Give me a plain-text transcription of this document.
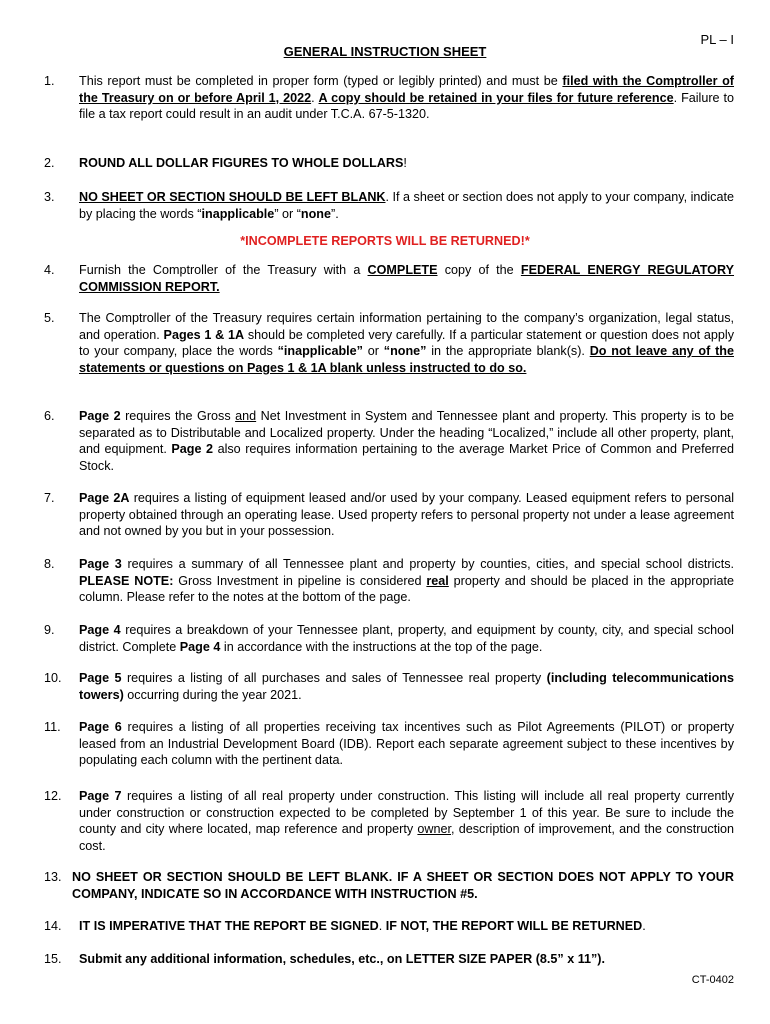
PL – I
GENERAL INSTRUCTION SHEET
1.	This report must be completed in proper form (typed or legibly printed) and must be filed with the Comptroller of the Treasury on or before April 1, 2022. A copy should be retained in your files for future reference. Failure to file a tax report could result in an audit under T.C.A. 67-5-1320.
2.	ROUND ALL DOLLAR FIGURES TO WHOLE DOLLARS!
3.	NO SHEET OR SECTION SHOULD BE LEFT BLANK. If a sheet or section does not apply to your company, indicate by placing the words “inapplicable” or “none”.
*INCOMPLETE REPORTS WILL BE RETURNED!*
4.	Furnish the Comptroller of the Treasury with a COMPLETE copy of the FEDERAL ENERGY REGULATORY COMMISSION REPORT.
5.	The Comptroller of the Treasury requires certain information pertaining to the company’s organization, legal status, and operation. Pages 1 & 1A should be completed very carefully. If a particular statement or question does not apply to your company, place the words “inapplicable” or “none” in the appropriate blank(s). Do not leave any of the statements or questions on Pages 1 & 1A blank unless instructed to do so.
6.	Page 2 requires the Gross and Net Investment in System and Tennessee plant and property. This property is to be separated as to Distributable and Localized property. Under the heading “Localized,” include all other property, plant, and equipment. Page 2 also requires information pertaining to the average Market Price of Common and Preferred Stock.
7.	Page 2A requires a listing of equipment leased and/or used by your company. Leased equipment refers to personal property obtained through an operating lease. Used property refers to personal property not under a lease agreement and not owned by you but in your possession.
8.	Page 3 requires a summary of all Tennessee plant and property by counties, cities, and special school districts. PLEASE NOTE: Gross Investment in pipeline is considered real property and should be placed in the appropriate column. Please refer to the notes at the bottom of the page.
9.	Page 4 requires a breakdown of your Tennessee plant, property, and equipment by county, city, and special school district. Complete Page 4 in accordance with the instructions at the top of the page.
10.	Page 5 requires a listing of all purchases and sales of Tennessee real property (including telecommunications towers) occurring during the year 2021.
11.	Page 6 requires a listing of all properties receiving tax incentives such as Pilot Agreements (PILOT) or property leased from an Industrial Development Board (IDB). Report each separate agreement subject to these incentives by populating each column with the pertinent data.
12.	Page 7 requires a listing of all real property under construction. This listing will include all real property currently under construction or construction expected to be completed by September 1 of this year. Be sure to include the county and city where located, map reference and property owner, description of improvement, and the construction cost.
13. NO SHEET OR SECTION SHOULD BE LEFT BLANK. IF A SHEET OR SECTION DOES NOT APPLY TO YOUR COMPANY, INDICATE SO IN ACCORDANCE WITH INSTRUCTION #5.
14.	IT IS IMPERATIVE THAT THE REPORT BE SIGNED. IF NOT, THE REPORT WILL BE RETURNED.
15.	Submit any additional information, schedules, etc., on LETTER SIZE PAPER (8.5” x 11”).
CT-0402
